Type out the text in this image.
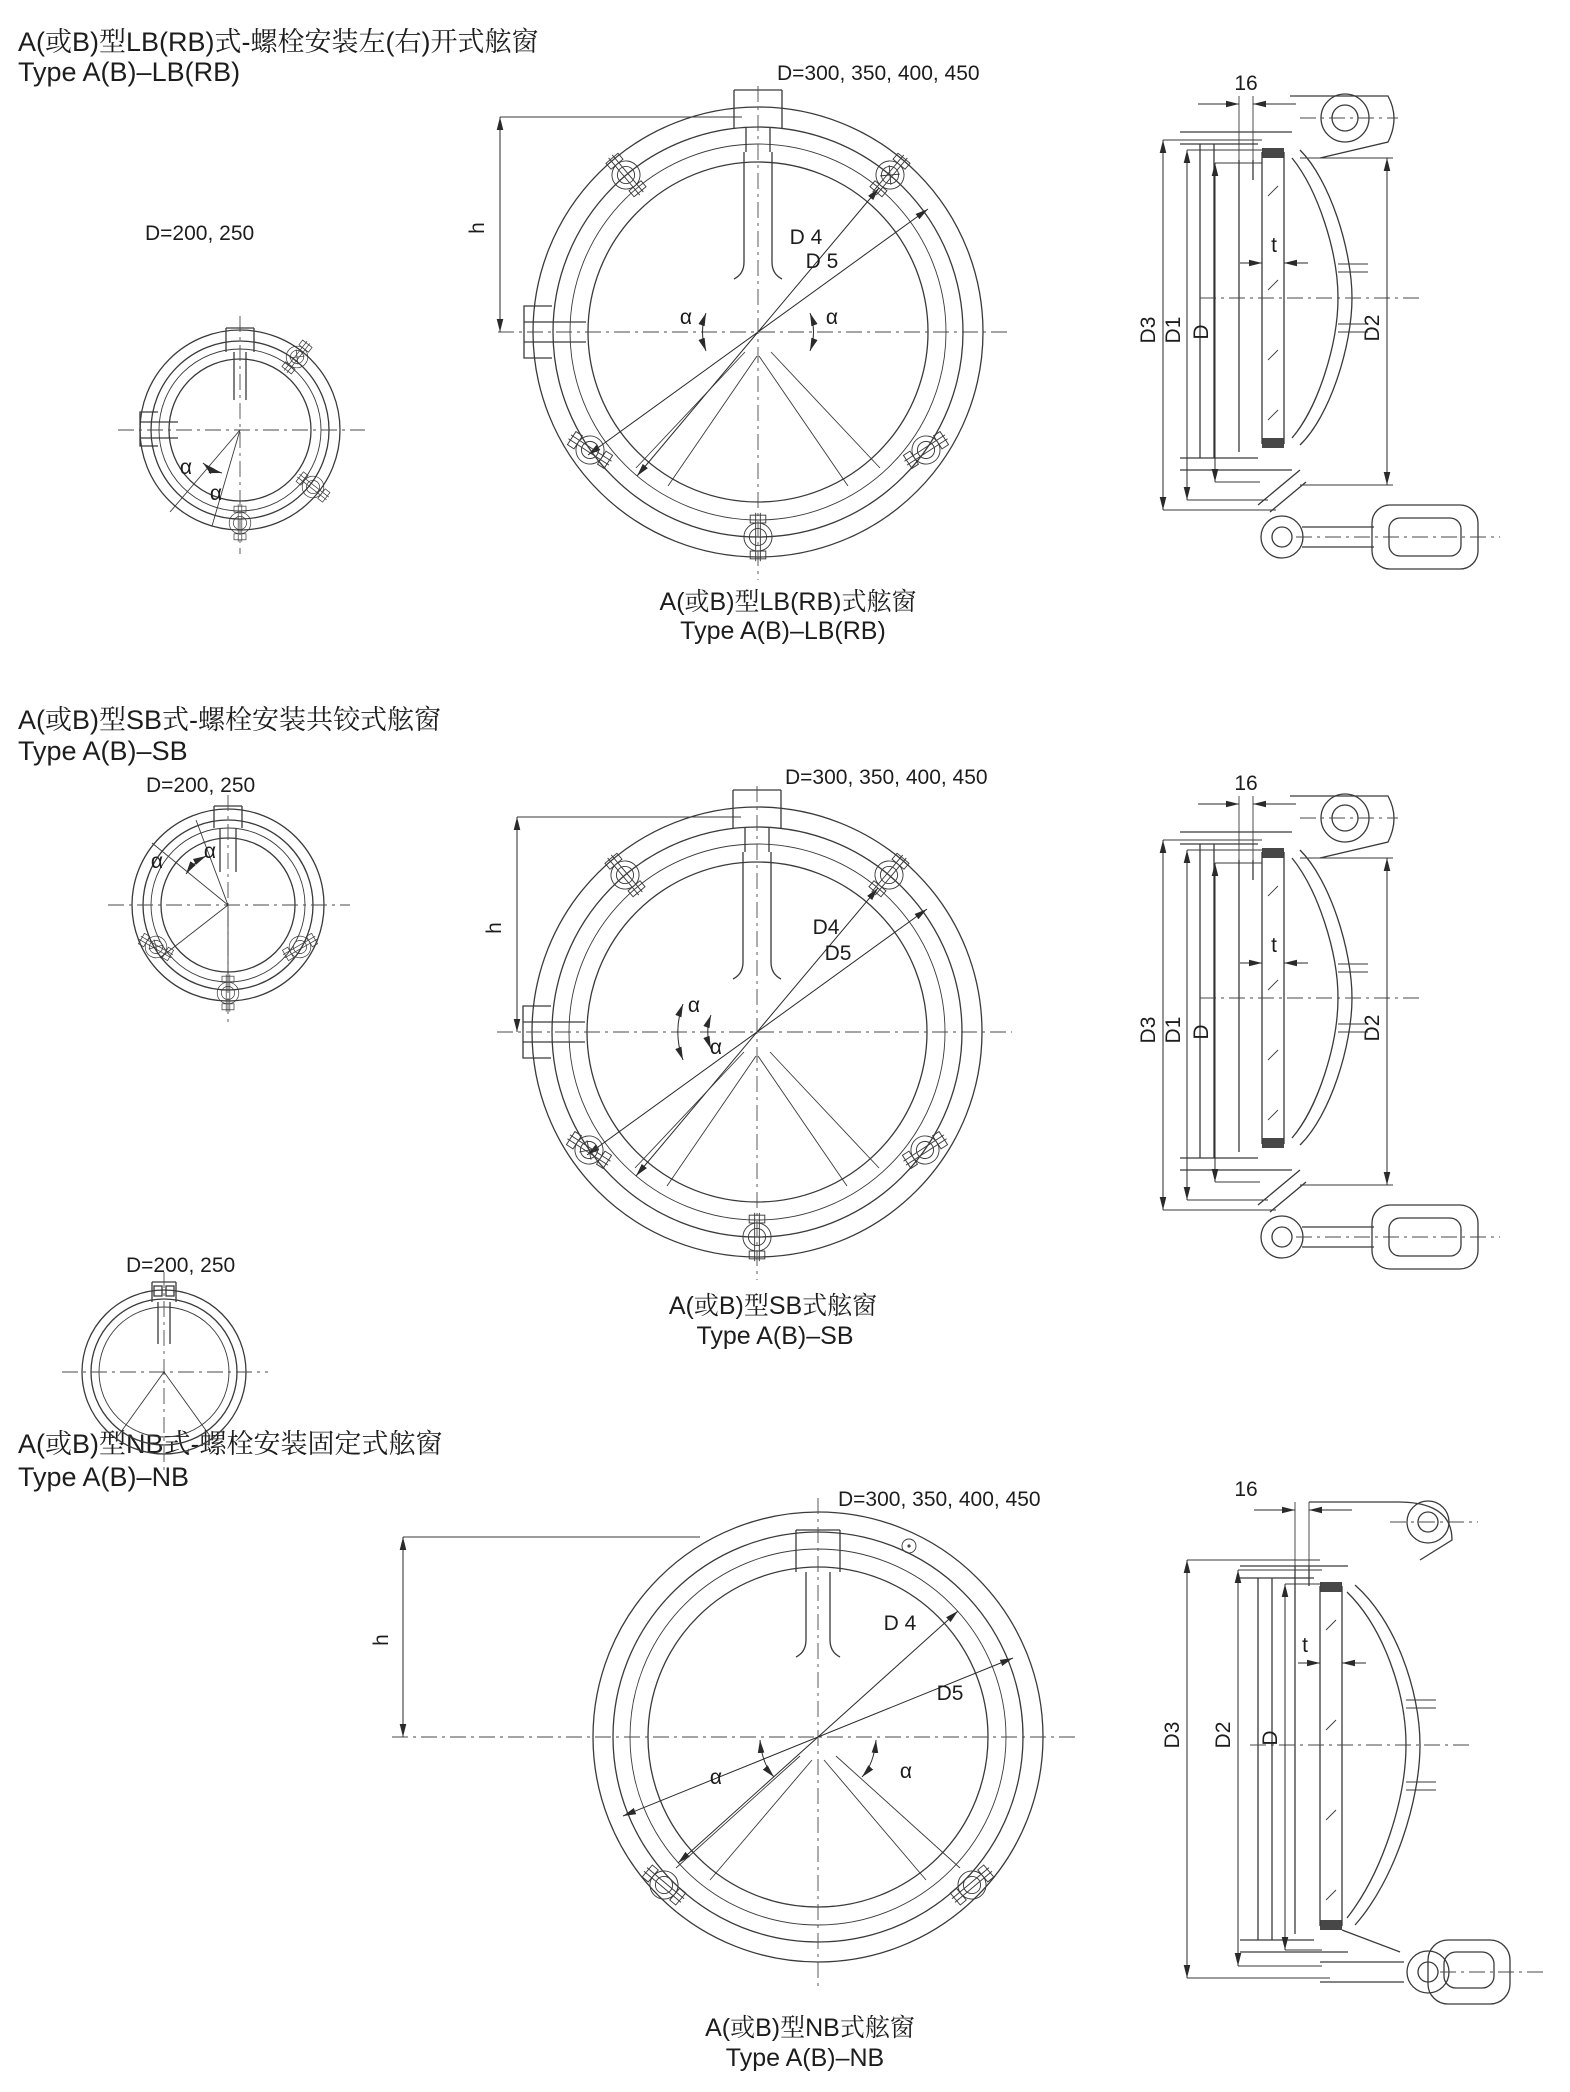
A(或B)型LB(RB)式-螺栓安装左(右)开式舷窗
Type A(B)–LB(RB)
D=200, 250
α
α
D=300, 350, 400, 450
h	D 4
D 5
α	α
16
D3 D1 D	D2
t
A(或B)型LB(RB)式舷窗
Type A(B)–LB(RB)
A(或B)型SB式-螺栓安装共铰式舷窗
Type A(B)–SB
D=200, 250
α α
D=300, 350, 400, 450
h	D4
D5
α
α
16
D3 D1 D	D2
t
A(或B)型SB式舷窗
Type A(B)–SB
A(或B)型NB式-螺栓安装固定式舷窗
Type A(B)–NB
D=200, 250
D=300, 350, 400, 450
h
D 4
D5
α	α
16
D3 D2 D
t
A(或B)型NB式舷窗
Type A(B)–NB
